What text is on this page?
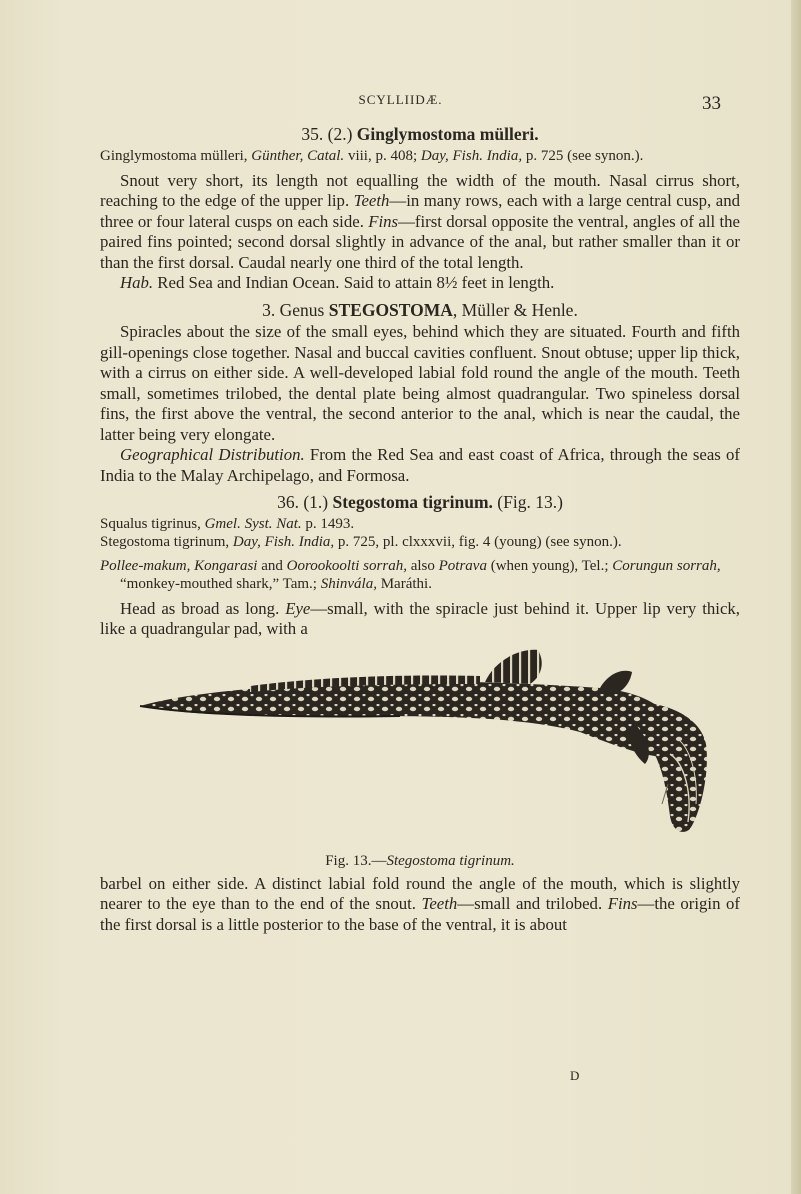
SCYLLIIDÆ.	33
35. (2.) Ginglymostoma mülleri.

Ginglymostoma mülleri, Günther, Catal. viii, p. 408; Day, Fish. India, p. 725 (see synon.).

Snout very short, its length not equalling the width of the mouth. Nasal cirrus short, reaching to the edge of the upper lip. Teeth—in many rows, each with a large central cusp, and three or four lateral cusps on each side. Fins—first dorsal opposite the ventral, angles of all the paired fins pointed; second dorsal slightly in advance of the anal, but rather smaller than it or than the first dorsal. Caudal nearly one third of the total length.

Hab. Red Sea and Indian Ocean. Said to attain 8½ feet in length.

3. Genus STEGOSTOMA, Müller & Henle.

Spiracles about the size of the small eyes, behind which they are situated. Fourth and fifth gill-openings close together. Nasal and buccal cavities confluent. Snout obtuse; upper lip thick, with a cirrus on either side. A well-developed labial fold round the angle of the mouth. Teeth small, sometimes trilobed, the dental plate being almost quadrangular. Two spineless dorsal fins, the first above the ventral, the second anterior to the anal, which is near the caudal, the latter being very elongate.

Geographical Distribution. From the Red Sea and east coast of Africa, through the seas of India to the Malay Archipelago, and Formosa.

36. (1.) Stegostoma tigrinum. (Fig. 13.)

Squalus tigrinus, Gmel. Syst. Nat. p. 1493.

Stegostoma tigrinum, Day, Fish. India, p. 725, pl. clxxxvii, fig. 4 (young) (see synon.).

Pollee-makum, Kongarasi and Oorookoolti sorrah, also Potrava (when young), Tel.; Corungun sorrah, “monkey-mouthed shark,” Tam.; Shinvála, Maráthi.

Head as broad as long. Eye—small, with the spiracle just behind it. Upper lip very thick, like a quadrangular pad, with a

Fig. 13.—Stegostoma tigrinum.

barbel on either side. A distinct labial fold round the angle of the mouth, which is slightly nearer to the eye than to the end of the snout. Teeth—small and trilobed. Fins—the origin of the first dorsal is a little posterior to the base of the ventral, it is about

D
